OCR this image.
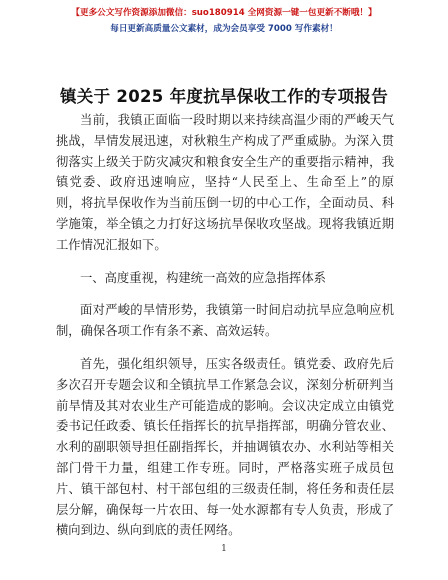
【更多公文写作资源添加微信：suo180914 全网资源一键一包更新不断哦！】
每日更新高质量公文素材，成为会员享受 7000 写作素材！
镇关于 2025 年度抗旱保收工作的专项报告
当前，我镇正面临一段时期以来持续高温少雨的严峻天气
挑战，旱情发展迅速，对秋粮生产构成了严重威胁。为深入贯
彻落实上级关于防灾减灾和粮食安全生产的重要指示精神，我
镇党委、政府迅速响应，坚持“人民至上、生命至上”的原
则，将抗旱保收作为当前压倒一切的中心工作，全面动员、科
学施策，举全镇之力打好这场抗旱保收攻坚战。现将我镇近期
工作情况汇报如下。
一、高度重视，构建统一高效的应急指挥体系
面对严峻的旱情形势，我镇第一时间启动抗旱应急响应机
制，确保各项工作有条不紊、高效运转。
首先，强化组织领导，压实各级责任。镇党委、政府先后
多次召开专题会议和全镇抗旱工作紧急会议，深刻分析研判当
前旱情及其对农业生产可能造成的影响。会议决定成立由镇党
委书记任政委、镇长任指挥长的抗旱指挥部，明确分管农业、
水利的副职领导担任副指挥长，并抽调镇农办、水利站等相关
部门骨干力量，组建工作专班。同时，严格落实班子成员包
片、镇干部包村、村干部包组的三级责任制，将任务和责任层
层分解，确保每一片农田、每一处水源都有专人负责，形成了
横向到边、纵向到底的责任网络。
1
